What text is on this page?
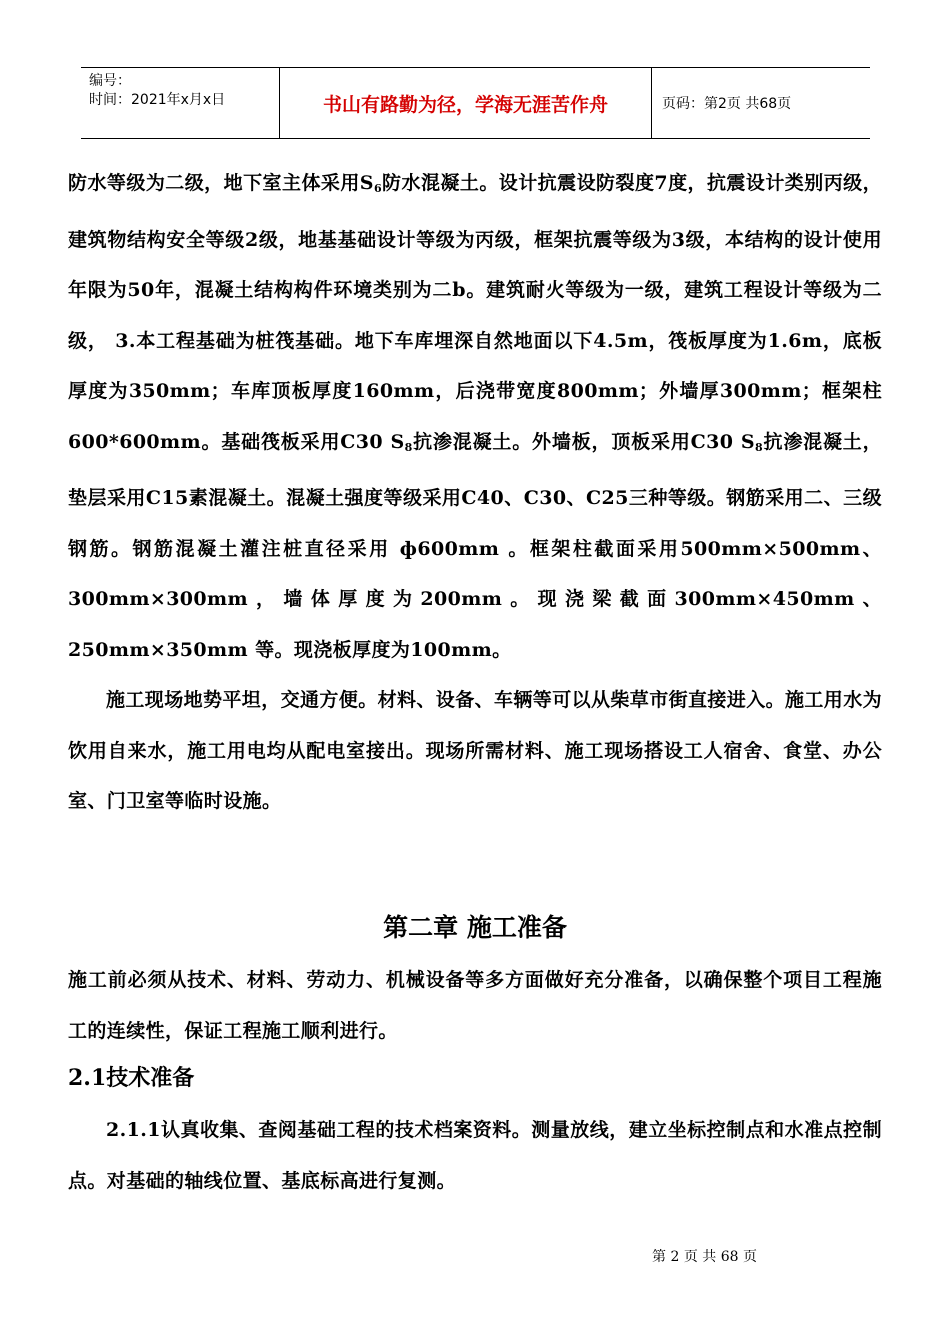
编号：
时间：2021年x月x日	书山有路勤为径，学海无涯苦作舟	页码：第2页 共68页

防水等级为二级，地下室主体采用$S_6$防水混凝土。设计抗震设防裂度7度，抗震设计类别丙级，建筑物结构安全等级2级，地基基础设计等级为丙级，框架抗震等级为3级，本结构的设计使用年限为50年，混凝土结构构件环境类别为二b。建筑耐火等级为一级，建筑工程设计等级为二级， 3.本工程基础为桩筏基础。地下车库埋深自然地面以下4.5m，筏板厚度为1.6m，底板厚度为350mm；车库顶板厚度160mm，后浇带宽度800mm；外墙厚300mm；框架柱600*600mm。基础筏板采用C30 $S_8$抗渗混凝土。外墙板，顶板采用C30 $S_8$抗渗混凝土，垫层采用C15素混凝土。混凝土强度等级采用C40、C30、C25三种等级。钢筋采用二、三级钢筋。钢筋混凝土灌注桩直径采用 ф600mm 。框架柱截面采用500mm×500mm、300mm×300mm，墙体厚度为200mm。现浇梁截面300mm×450mm、250mm×350mm 等。现浇板厚度为100mm。

施工现场地势平坦，交通方便。材料、设备、车辆等可以从柴草市街直接进入。施工用水为饮用自来水，施工用电均从配电室接出。现场所需材料、施工现场搭设工人宿舍、食堂、办公室、门卫室等临时设施。

第二章 施工准备

施工前必须从技术、材料、劳动力、机械设备等多方面做好充分准备，以确保整个项目工程施工的连续性，保证工程施工顺利进行。

2.1技术准备

2.1.1认真收集、查阅基础工程的技术档案资料。测量放线，建立坐标控制点和水准点控制点。对基础的轴线位置、基底标高进行复测。

第 2 页 共 68 页
